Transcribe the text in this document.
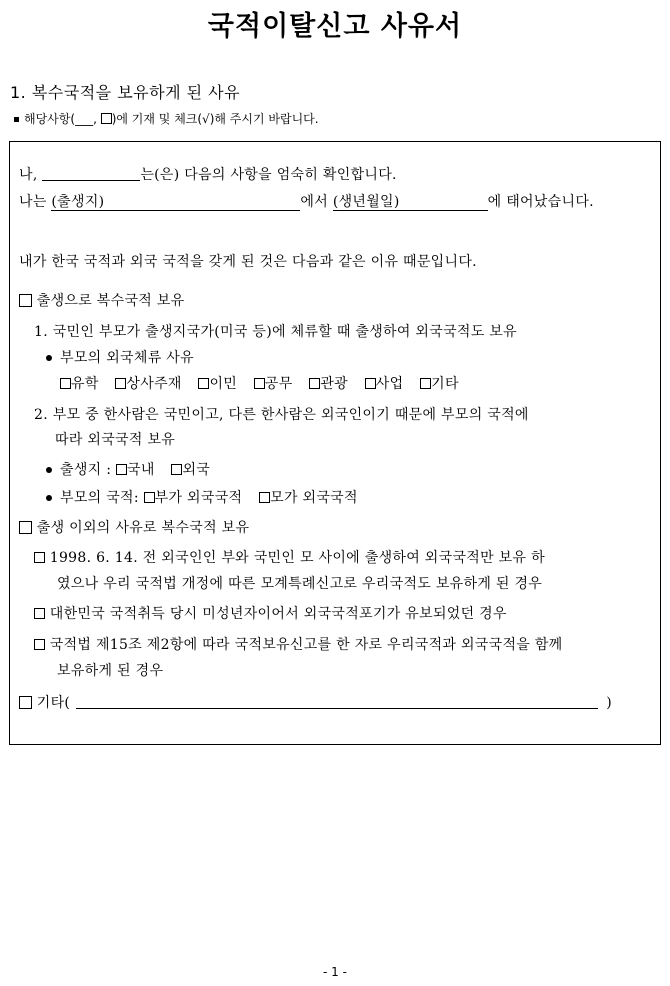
국적이탈신고 사유서
1. 복수국적을 보유하게 된 사유
해당사항(___, )에 기재 및 체크(√)해 주시기 바랍니다.
나,	는(은) 다음의 사항을 엄숙히 확인합니다.
나는 (출생지)	에서 (생년월일)	에 태어났습니다.
내가 한국 국적과 외국 국적을 갖게 된 것은 다음과 같은 이유 때문입니다.
출생으로 복수국적 보유
1. 국민인 부모가 출생지국가(미국 등)에 체류할 때 출생하여 외국국적도 보유
부모의 외국체류 사유
유학 상사주재 이민 공무 관광 사업 기타
2. 부모 중 한사람은 국민이고, 다른 한사람은 외국인이기 때문에 부모의 국적에
따라 외국국적 보유
출생지 : 국내 외국
부모의 국적: 부가 외국국적 모가 외국국적
출생 이외의 사유로 복수국적 보유
1998. 6. 14. 전 외국인인 부와 국민인 모 사이에 출생하여 외국국적만 보유 하
였으나 우리 국적법 개정에 따른 모계특례신고로 우리국적도 보유하게 된 경우
대한민국 국적취득 당시 미성년자이어서 외국국적포기가 유보되었던 경우
국적법 제15조 제2항에 따라 국적보유신고를 한 자로 우리국적과 외국국적을 함께
보유하게 된 경우
기타(	)
- 1 -
